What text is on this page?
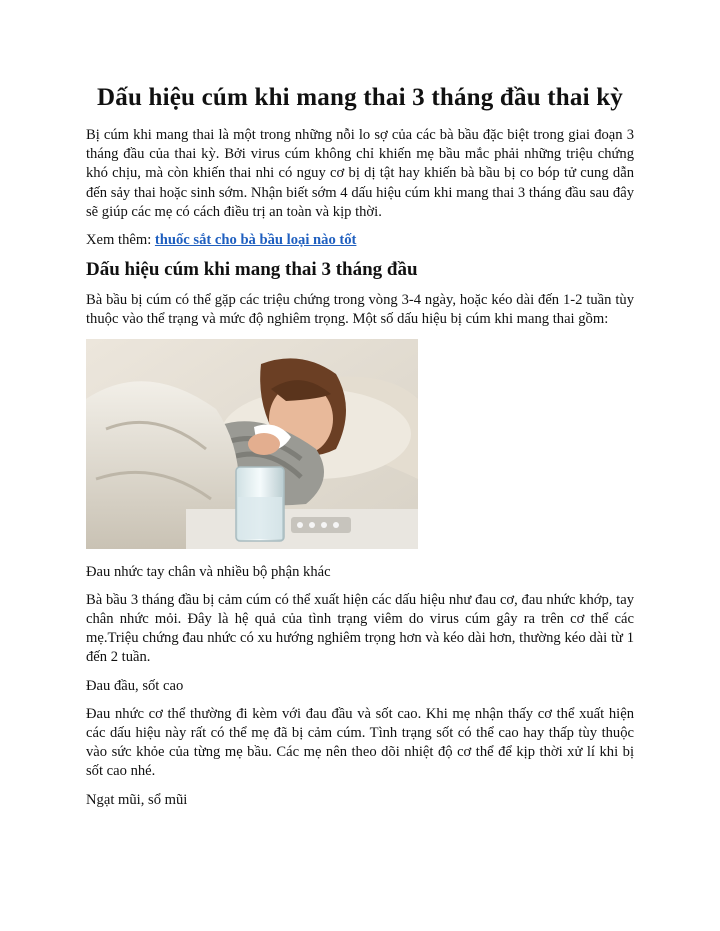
Dấu hiệu cúm khi mang thai 3 tháng đầu thai kỳ

Bị cúm khi mang thai là một trong những nỗi lo sợ của các bà bầu đặc biệt trong giai đoạn 3 tháng đầu của thai kỳ. Bởi virus cúm không chỉ khiến mẹ bầu mắc phải những triệu chứng khó chịu, mà còn khiến thai nhi có nguy cơ bị dị tật hay khiến bà bầu bị co bóp tử cung dẫn đến sảy thai hoặc sinh sớm. Nhận biết sớm 4 dấu hiệu cúm khi mang thai 3 tháng đầu sau đây sẽ giúp các mẹ có cách điều trị an toàn và kịp thời.

Xem thêm: thuốc sắt cho bà bầu loại nào tốt

Dấu hiệu cúm khi mang thai 3 tháng đầu

Bà bầu bị cúm có thể gặp các triệu chứng trong vòng 3-4 ngày, hoặc kéo dài đến 1-2 tuần tùy thuộc vào thể trạng và mức độ nghiêm trọng. Một số dấu hiệu bị cúm khi mang thai gồm:

Đau nhức tay chân và nhiều bộ phận khác

Bà bầu 3 tháng đầu bị cảm cúm có thể xuất hiện các dấu hiệu như đau cơ, đau nhức khớp, tay chân nhức mỏi. Đây là hệ quả của tình trạng viêm do virus cúm gây ra trên cơ thể các mẹ.Triệu chứng đau nhức có xu hướng nghiêm trọng hơn và kéo dài hơn, thường kéo dài từ 1 đến 2 tuần.

Đau đầu, sốt cao

Đau nhức cơ thể thường đi kèm với đau đầu và sốt cao. Khi mẹ nhận thấy cơ thể xuất hiện các dấu hiệu này rất có thể mẹ đã bị cảm cúm. Tình trạng sốt có thể cao hay thấp tùy thuộc vào sức khỏe của từng mẹ bầu. Các mẹ nên theo dõi nhiệt độ cơ thể để kịp thời xử lí khi bị sốt cao nhé.

Ngạt mũi, sổ mũi
